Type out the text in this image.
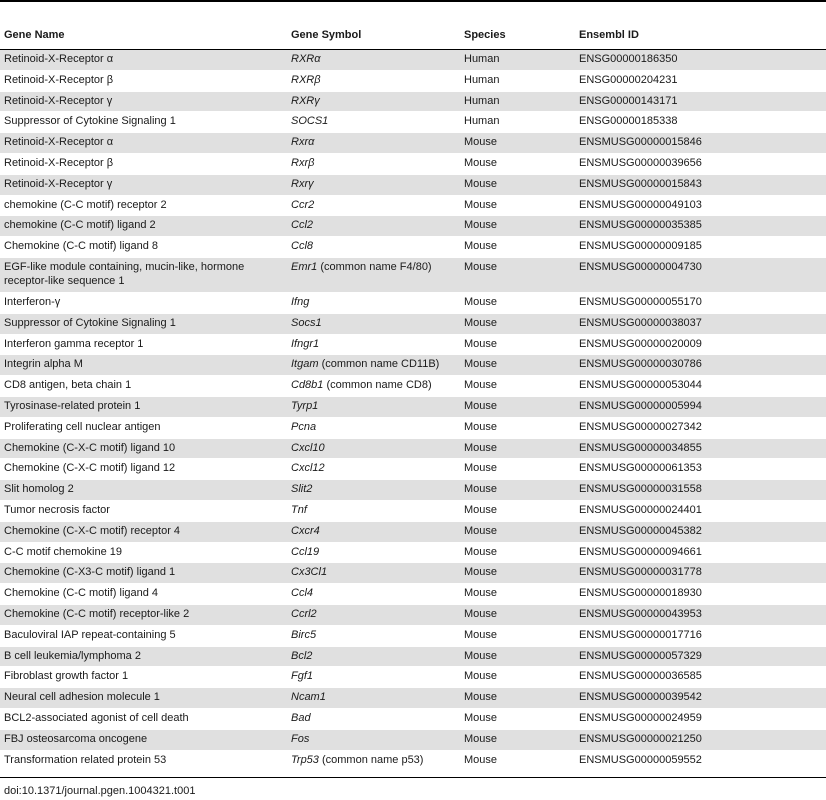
Gene Name	Gene Symbol	Species	Ensembl ID
Retinoid-X-Receptor α	RXRα	Human	ENSG00000186350
Retinoid-X-Receptor β	RXRβ	Human	ENSG00000204231
Retinoid-X-Receptor γ	RXRγ	Human	ENSG00000143171
Suppressor of Cytokine Signaling 1	SOCS1	Human	ENSG00000185338
Retinoid-X-Receptor α	Rxrα	Mouse	ENSMUSG00000015846
Retinoid-X-Receptor β	Rxrβ	Mouse	ENSMUSG00000039656
Retinoid-X-Receptor γ	Rxrγ	Mouse	ENSMUSG00000015843
chemokine (C-C motif) receptor 2	Ccr2	Mouse	ENSMUSG00000049103
chemokine (C-C motif) ligand 2	Ccl2	Mouse	ENSMUSG00000035385
Chemokine (C-C motif) ligand 8	Ccl8	Mouse	ENSMUSG00000009185
EGF-like module containing, mucin-like, hormone receptor-like sequence 1	Emr1 (common name F4/80)	Mouse	ENSMUSG00000004730
Interferon-γ	Ifng	Mouse	ENSMUSG00000055170
Suppressor of Cytokine Signaling 1	Socs1	Mouse	ENSMUSG00000038037
Interferon gamma receptor 1	Ifngr1	Mouse	ENSMUSG00000020009
Integrin alpha M	Itgam (common name CD11B)	Mouse	ENSMUSG00000030786
CD8 antigen, beta chain 1	Cd8b1 (common name CD8)	Mouse	ENSMUSG00000053044
Tyrosinase-related protein 1	Tyrp1	Mouse	ENSMUSG00000005994
Proliferating cell nuclear antigen	Pcna	Mouse	ENSMUSG00000027342
Chemokine (C-X-C motif) ligand 10	Cxcl10	Mouse	ENSMUSG00000034855
Chemokine (C-X-C motif) ligand 12	Cxcl12	Mouse	ENSMUSG00000061353
Slit homolog 2	Slit2	Mouse	ENSMUSG00000031558
Tumor necrosis factor	Tnf	Mouse	ENSMUSG00000024401
Chemokine (C-X-C motif) receptor 4	Cxcr4	Mouse	ENSMUSG00000045382
C-C motif chemokine 19	Ccl19	Mouse	ENSMUSG00000094661
Chemokine (C-X3-C motif) ligand 1	Cx3Cl1	Mouse	ENSMUSG00000031778
Chemokine (C-C motif) ligand 4	Ccl4	Mouse	ENSMUSG00000018930
Chemokine (C-C motif) receptor-like 2	Ccrl2	Mouse	ENSMUSG00000043953
Baculoviral IAP repeat-containing 5	Birc5	Mouse	ENSMUSG00000017716
B cell leukemia/lymphoma 2	Bcl2	Mouse	ENSMUSG00000057329
Fibroblast growth factor 1	Fgf1	Mouse	ENSMUSG00000036585
Neural cell adhesion molecule 1	Ncam1	Mouse	ENSMUSG00000039542
BCL2-associated agonist of cell death	Bad	Mouse	ENSMUSG00000024959
FBJ osteosarcoma oncogene	Fos	Mouse	ENSMUSG00000021250
Transformation related protein 53	Trp53 (common name p53)	Mouse	ENSMUSG00000059552
doi:10.1371/journal.pgen.1004321.t001
